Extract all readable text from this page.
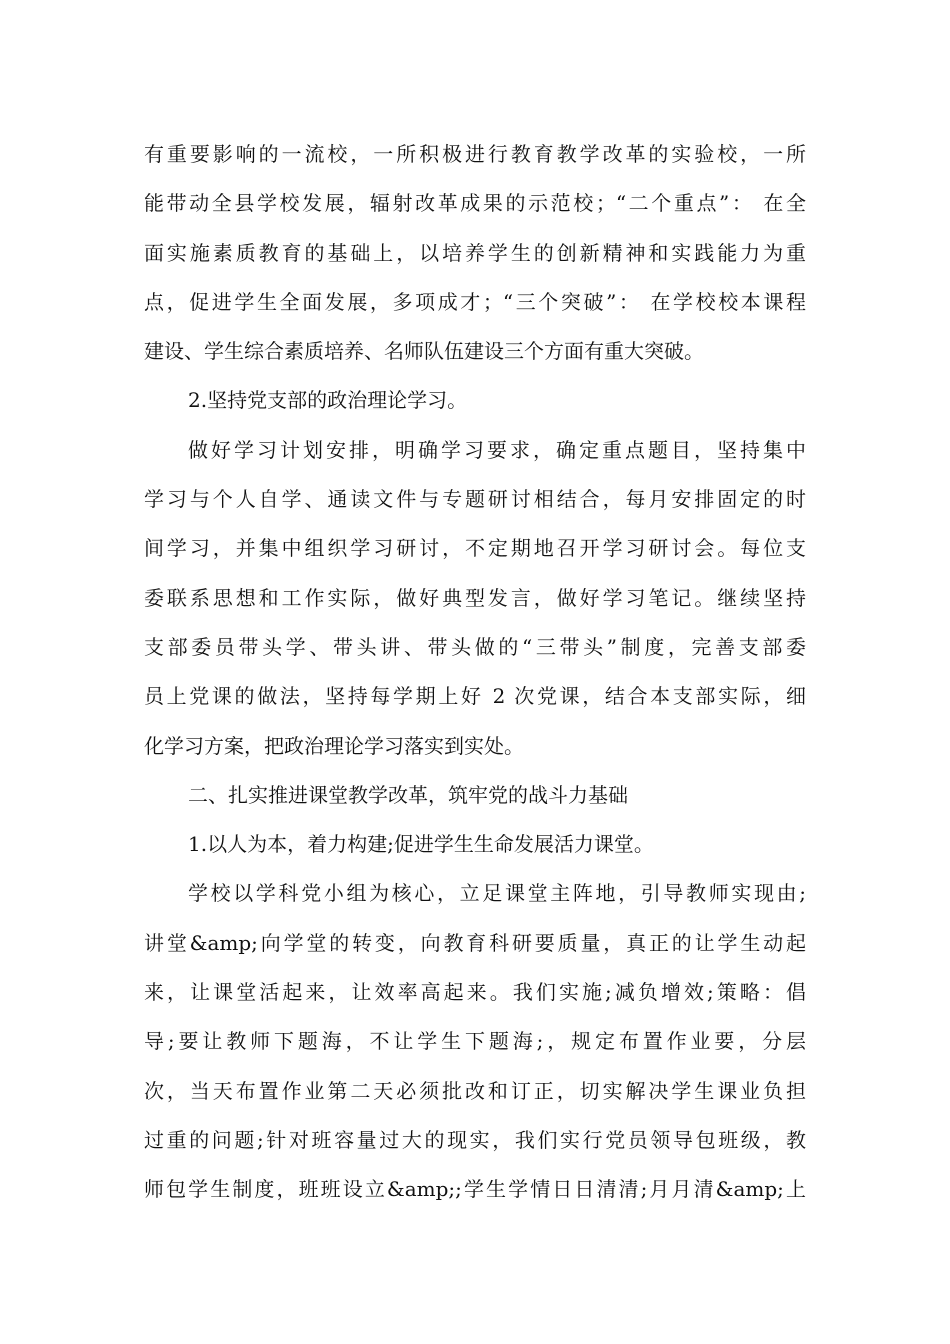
有重要影响的一流校，一所积极进行教育教学改革的实验校，一所
能带动全县学校发展，辐射改革成果的示范校；“二个重点”： 在全
面实施素质教育的基础上，以培养学生的创新精神和实践能力为重
点，促进学生全面发展，多项成才；“三个突破”： 在学校校本课程
建设、学生综合素质培养、名师队伍建设三个方面有重大突破。
2.坚持党支部的政治理论学习。
做好学习计划安排，明确学习要求，确定重点题目，坚持集中
学习与个人自学、通读文件与专题研讨相结合，每月安排固定的时
间学习，并集中组织学习研讨，不定期地召开学习研讨会。每位支
委联系思想和工作实际，做好典型发言，做好学习笔记。继续坚持
支部委员带头学、带头讲、带头做的“三带头”制度，完善支部委
员上党课的做法，坚持每学期上好 2 次党课，结合本支部实际，细
化学习方案，把政治理论学习落实到实处。
二、扎实推进课堂教学改革，筑牢党的战斗力基础
1.以人为本，着力构建;促进学生生命发展活力课堂。
学校以学科党小组为核心，立足课堂主阵地，引导教师实现由;
讲堂&amp;向学堂的转变，向教育科研要质量，真正的让学生动起
来，让课堂活起来，让效率高起来。我们实施;减负增效;策略：倡
导;要让教师下题海，不让学生下题海;，规定布置作业要，分层
次，当天布置作业第二天必须批改和订正，切实解决学生课业负担
过重的问题;针对班容量过大的现实，我们实行党员领导包班级，教
师包学生制度，班班设立&amp;;学生学情日日清清;月月清&amp;上
